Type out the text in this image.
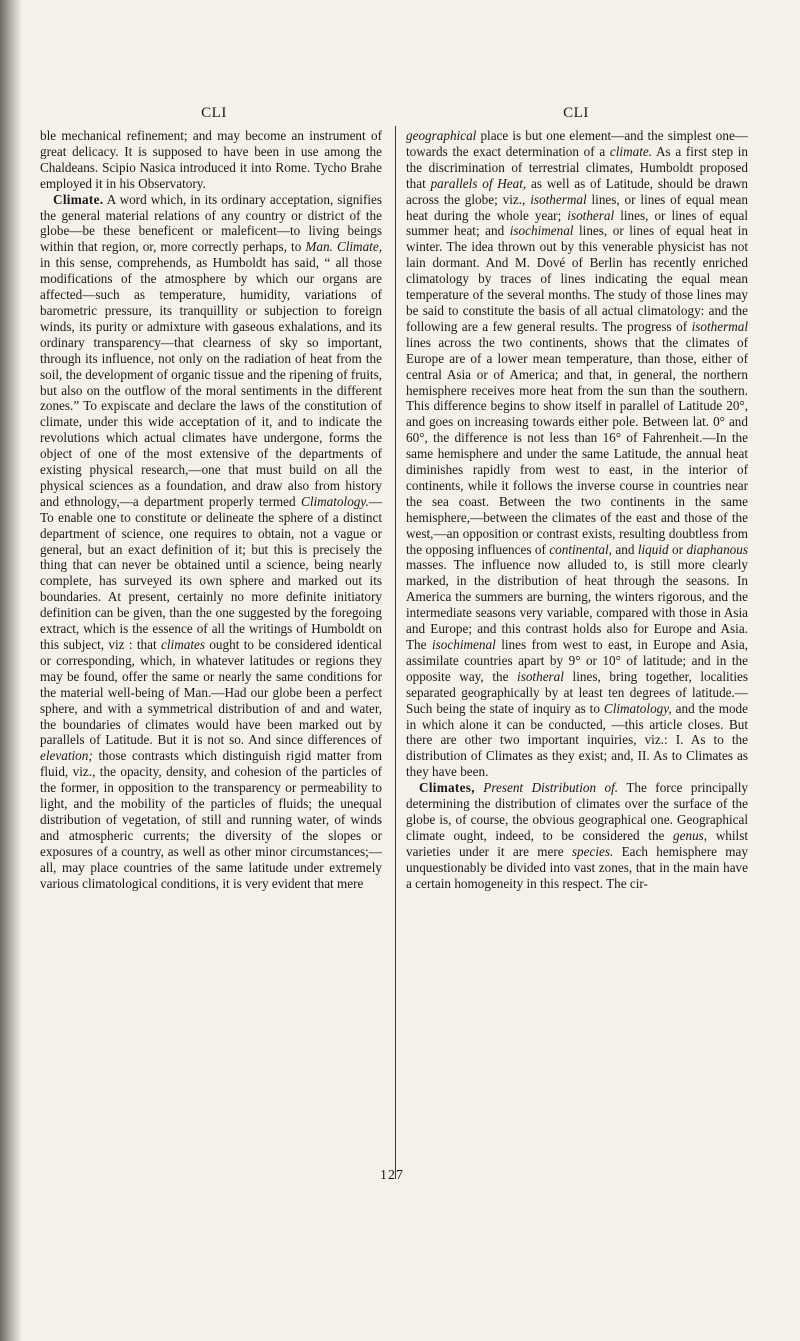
CLI	CLI

ble mechanical refinement; and may become an instrument of great delicacy. It is supposed to have been in use among the Chaldeans. Scipio Nasica introduced it into Rome. Tycho Brahe employed it in his Observatory.

Climate. A word which, in its ordinary acceptation, signifies the general material relations of any country or district of the globe—be these beneficent or maleficent—to living beings within that region, or, more correctly perhaps, to Man. Climate, in this sense, comprehends, as Humboldt has said, “ all those modifications of the atmosphere by which our organs are affected—such as temperature, humidity, variations of barometric pressure, its tranquillity or subjection to foreign winds, its purity or admixture with gaseous exhalations, and its ordinary transparency—that clearness of sky so important, through its influence, not only on the radiation of heat from the soil, the development of organic tissue and the ripening of fruits, but also on the outflow of the moral sentiments in the different zones.” To expiscate and declare the laws of the constitution of climate, under this wide acceptation of it, and to indicate the revolutions which actual climates have undergone, forms the object of one of the most extensive of the departments of existing physical research,—one that must build on all the physical sciences as a foundation, and draw also from history and ethnology,—a department properly termed Climatology.—To enable one to constitute or delineate the sphere of a distinct department of science, one requires to obtain, not a vague or general, but an exact definition of it; but this is precisely the thing that can never be obtained until a science, being nearly complete, has surveyed its own sphere and marked out its boundaries. At present, certainly no more definite initiatory definition can be given, than the one suggested by the foregoing extract, which is the essence of all the writings of Humboldt on this subject, viz : that climates ought to be considered identical or corresponding, which, in whatever latitudes or regions they may be found, offer the same or nearly the same conditions for the material well-being of Man.—Had our globe been a perfect sphere, and with a symmetrical distribution of and and water, the boundaries of climates would have been marked out by parallels of Latitude. But it is not so. And since differences of elevation; those contrasts which distinguish rigid matter from fluid, viz., the opacity, density, and cohesion of the particles of the former, in opposition to the transparency or permeability to light, and the mobility of the particles of fluids; the unequal distribution of vegetation, of still and running water, of winds and atmospheric currents; the diversity of the slopes or exposures of a country, as well as other minor circumstances;—all, may place countries of the same latitude under extremely various climatological conditions, it is very evident that mere

geographical place is but one element—and the simplest one—towards the exact determination of a climate. As a first step in the discrimination of terrestrial climates, Humboldt proposed that parallels of Heat, as well as of Latitude, should be drawn across the globe; viz., isothermal lines, or lines of equal mean heat during the whole year; isotheral lines, or lines of equal summer heat; and isochimenal lines, or lines of equal heat in winter. The idea thrown out by this venerable physicist has not lain dormant. And M. Dové of Berlin has recently enriched climatology by traces of lines indicating the equal mean temperature of the several months. The study of those lines may be said to constitute the basis of all actual climatology: and the following are a few general results. The progress of isothermal lines across the two continents, shows that the climates of Europe are of a lower mean temperature, than those, either of central Asia or of America; and that, in general, the northern hemisphere receives more heat from the sun than the southern. This difference begins to show itself in parallel of Latitude 20°, and goes on increasing towards either pole. Between lat. 0° and 60°, the difference is not less than 16° of Fahrenheit.—In the same hemisphere and under the same Latitude, the annual heat diminishes rapidly from west to east, in the interior of continents, while it follows the inverse course in countries near the sea coast. Between the two continents in the same hemisphere,—between the climates of the east and those of the west,—an opposition or contrast exists, resulting doubtless from the opposing influences of continental, and liquid or diaphanous masses. The influence now alluded to, is still more clearly marked, in the distribution of heat through the seasons. In America the summers are burning, the winters rigorous, and the intermediate seasons very variable, compared with those in Asia and Europe; and this contrast holds also for Europe and Asia. The isochimenal lines from west to east, in Europe and Asia, assimilate countries apart by 9° or 10° of latitude; and in the opposite way, the isotheral lines, bring together, localities separated geographically by at least ten degrees of latitude.— Such being the state of inquiry as to Climatology, and the mode in which alone it can be conducted, —this article closes. But there are other two important inquiries, viz.: I. As to the distribution of Climates as they exist; and, II. As to Climates as they have been.

Climates, Present Distribution of. The force principally determining the distribution of climates over the surface of the globe is, of course, the obvious geographical one. Geographical climate ought, indeed, to be considered the genus, whilst varieties under it are mere species. Each hemisphere may unquestionably be divided into vast zones, that in the main have a certain homogeneity in this respect. The cir-

127
